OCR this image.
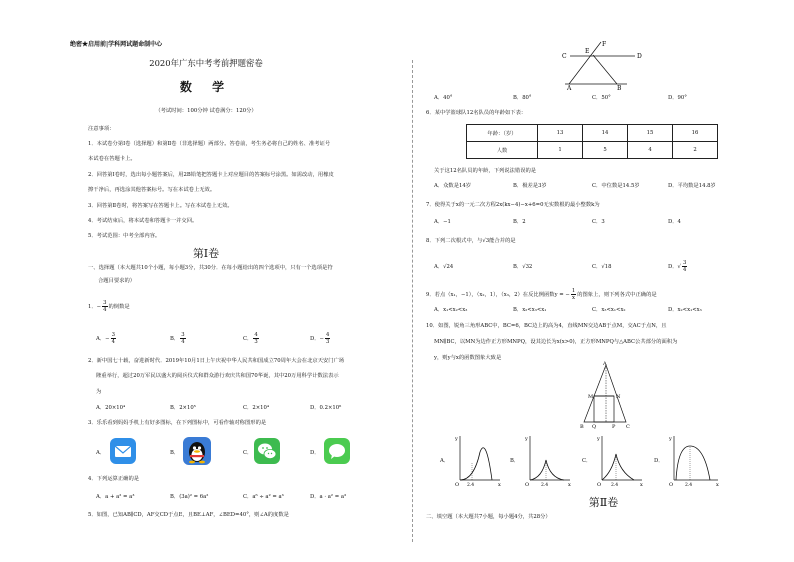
绝密★启用前|学科网试题命制中心
2020年广东中考考前押题密卷
数 学
（考试时间：100分钟 试卷满分：120分）
注意事项：
1．本试卷分第Ⅰ卷（选择题）和第Ⅱ卷（非选择题）两部分。答卷前，考生务必将自己的姓名、准考证号
本试卷在答题卡上。
2．回答第Ⅰ卷时，选出每小题答案后，用2B铅笔把答题卡上对应题目的答案标号涂黑。如需改动，用橡皮
擦干净后，再选涂其他答案标号。写在本试卷上无效。
3．回答第Ⅱ卷时，将答案写在答题卡上。写在本试卷上无效。
4．考试结束后，将本试卷和答题卡一并交回。
5．考试范围：中考全部内容。
第Ⅰ卷
一、选择题（本大题共10个小题，每小题3分，共30分．在每小题给出的四个选项中，只有一个选项是符
合题目要求的）
1．− $\frac{3}{4}$ 的倒数是
A．− $\frac{3}{4}$	B． $\frac{3}{4}$	C． $\frac{4}{3}$	D．− $\frac{4}{3}$
2．新中国七十载，奋进新时代．2019年10月1日上午庆祝中华人民共和国成立70周年大会在北京天安门广场
隆重举行，超过20万军民以盛大的阅兵仪式和群众游行欢庆共和国70华诞，其中20万用科学计数法表示
为
A．20×10⁴	B．2×10⁵	C．2×10⁴	D．0.2×10⁶
3．乐乐看到妈妈手机上有好多图标，在下列图标中，可看作轴对称图形的是
A．	B．	C．	D．
4．下列运算正确的是
A．a + a² = a³	B．(3a)² = 6a²	C．a⁶ ÷ a² = a³	D．a · a² = a³
5．如图，已知AB∥CD，AF交CD于点E，且BE⊥AF，∠BED=40°，则∠A的度数是
C
E
F
D
A	B
A．40°	B．80°	C．50°	D．90°
6．某中学篮球队12名队员的年龄如下表：
年龄：（岁）	13	14	15	16
人数	1	5	4	2
关于这12名队员的年龄，下列说法错误的是
A．众数是14岁	B．极差是3岁	C．中位数是14.5岁	D．平均数是14.8岁
7．使得关于x的一元二次方程2x(kx−4)−x+6=0无实数根的最小整数k为
A．−1	B．2	C．3	D．4
8．下列二次根式中，与√3能合并的是
A．√24	B．√32	C．√18	D．√ $\frac{3}{4}$
9．若点（x₁，−1），（x₂，1），（x₃，2）在反比例函数y = − $\frac{1}{x}$ 的图象上，则下列各式中正确的是
A．x₁<x₂<x₃	B．x₂<x₃<x₁	C．x₃<x₁<x₂	D．x₂<x₁<x₃
10．如图，锐角三角形ABC中，BC=6，BC边上的高为4，直线MN交边AB于点M，交AC于点N，且
MN∥BC，以MN为边作正方形MNPQ，设其边长为x(x>0)，正方形MNPQ与△ABC公共部分的面积为
y，则y与x的函数图象大致是
A
M	N
B Q	P C
A．
y
x
O 2.4
B．
y
x
O	2.4
C．
y
x
O 2.4
D．
y
x
O	2.4
第Ⅱ卷
二、填空题（本大题共7小题，每小题4分，共28分）
